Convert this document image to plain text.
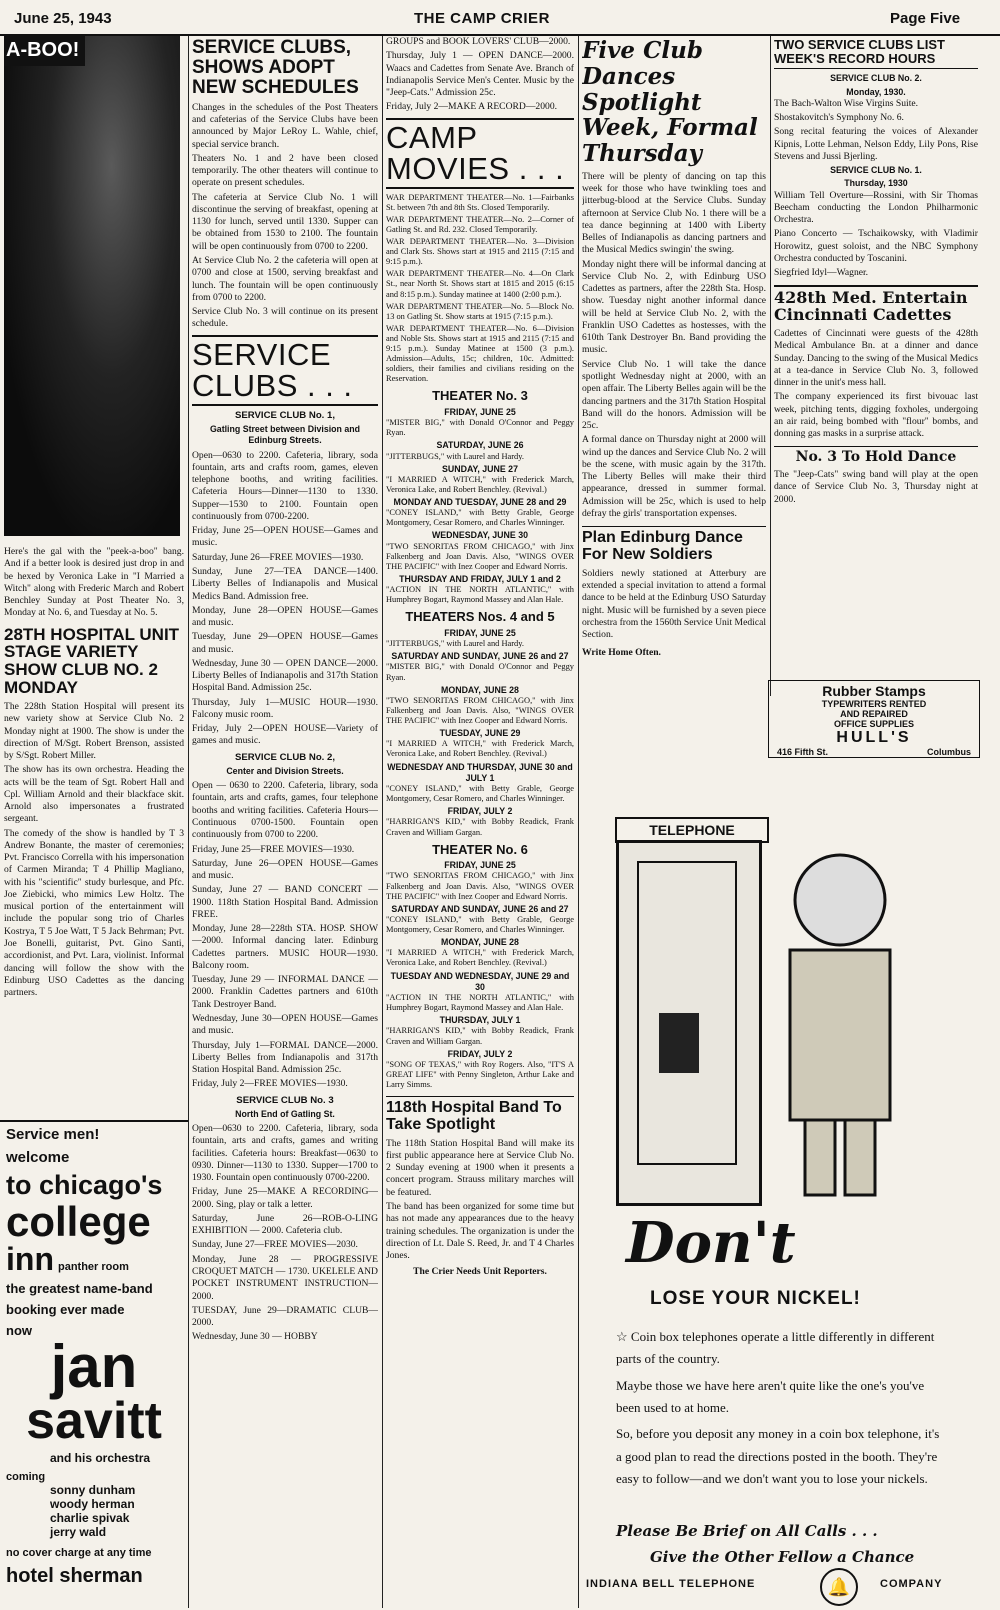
June 25, 1943	THE CAMP CRIER	Page Five
A-BOO!

Here's the gal with the "peek-a-boo" bang. And if a better look is desired just drop in and be hexed by Veronica Lake in "I Married a Witch" along with Frederic March and Robert Benchley Sunday at Post Theater No. 3, Monday at No. 6, and Tuesday at No. 5.

28TH HOSPITAL UNIT STAGE VARIETY SHOW CLUB NO. 2 MONDAY

The 228th Station Hospital will present its new variety show at Service Club No. 2 Monday night at 1900. The show is under the direction of M/Sgt. Robert Brenson, assisted by S/Sgt. Robert Miller.

The show has its own orchestra. Heading the acts will be the team of Sgt. Robert Hall and Cpl. William Arnold and their blackface skit. Arnold also impersonates a frustrated sergeant.

The comedy of the show is handled by T 3 Andrew Bonante, the master of ceremonies; Pvt. Francisco Corrella with his impersonation of Carmen Miranda; T 4 Phillip Magliano, with his "scientific" study burlesque, and Pfc. Joe Ziebicki, who mimics Lew Holtz. The musical portion of the entertainment will include the popular song trio of Charles Kostrya, T 5 Joe Watt, T 5 Jack Behrman; Pvt. Joe Bonelli, guitarist, Pvt. Gino Santi, accordionist, and Pvt. Lara, violinist. Informal dancing will follow the show with the Edinburg USO Cadettes as the dancing partners.

Service men!
welcome
to chicago's
college
inn panther room
the greatest name-band
booking ever made
now
jan
savitt
and his orchestra
coming
sonny dunham
woody herman
charlie spivak
jerry wald
no cover charge at any time
hotel sherman
SERVICE CLUBS, SHOWS ADOPT NEW SCHEDULES

Changes in the schedules of the Post Theaters and cafeterias of the Service Clubs have been announced by Major LeRoy L. Wahle, chief, special service branch.

Theaters No. 1 and 2 have been closed temporarily. The other theaters will continue to operate on present schedules.

The cafeteria at Service Club No. 1 will discontinue the serving of breakfast, opening at 1130 for lunch, served until 1330. Supper can be obtained from 1530 to 2100. The fountain will be open continuously from 0700 to 2200.

At Service Club No. 2 the cafeteria will open at 0700 and close at 1500, serving breakfast and lunch. The fountain will be open continuously from 0700 to 2200.

Service Club No. 3 will continue on its present schedule.

SERVICE CLUBS . . .
SERVICE CLUB No. 1,
Gatling Street between Division and Edinburg Streets.

Open—0630 to 2200. Cafeteria, library, soda fountain, arts and crafts room, games, eleven telephone booths, and writing facilities. Cafeteria Hours—Dinner—1130 to 1330. Supper—1530 to 2100. Fountain open continuously from 0700-2200.

Friday, June 25—OPEN HOUSE—Games and music.

Saturday, June 26—FREE MOVIES—1930.

Sunday, June 27—TEA DANCE—1400. Liberty Belles of Indianapolis and Musical Medics Band. Admission free.

Monday, June 28—OPEN HOUSE—Games and music.

Tuesday, June 29—OPEN HOUSE—Games and music.

Wednesday, June 30 — OPEN DANCE—2000. Liberty Belles of Indianapolis and 317th Station Hospital Band. Admission 25c.

Thursday, July 1—MUSIC HOUR—1930. Falcony music room.

Friday, July 2—OPEN HOUSE—Variety of games and music.

SERVICE CLUB No. 2,
Center and Division Streets.

Open — 0630 to 2200. Cafeteria, library, soda fountain, arts and crafts, games, four telephone booths and writing facilities. Cafeteria Hours—Continuous 0700-1500. Fountain open continuously from 0700 to 2200.

Friday, June 25—FREE MOVIES—1930.

Saturday, June 26—OPEN HOUSE—Games and music.

Sunday, June 27 — BAND CONCERT — 1900. 118th Station Hospital Band. Admission FREE.

Monday, June 28—228th STA. HOSP. SHOW—2000. Informal dancing later. Edinburg Cadettes partners. MUSIC HOUR—1930. Balcony room.

Tuesday, June 29 — INFORMAL DANCE — 2000. Franklin Cadettes partners and 610th Tank Destroyer Band.

Wednesday, June 30—OPEN HOUSE—Games and music.

Thursday, July 1—FORMAL DANCE—2000. Liberty Belles from Indianapolis and 317th Station Hospital Band. Admission 25c.

Friday, July 2—FREE MOVIES—1930.

SERVICE CLUB No. 3
North End of Gatling St.

Open—0630 to 2200. Cafeteria, library, soda fountain, arts and crafts, games and writing facilities. Cafeteria hours: Breakfast—0630 to 0930. Dinner—1130 to 1330. Supper—1700 to 1930. Fountain open continuously 0700-2200.

Friday, June 25—MAKE A RECORDING—2000. Sing, play or talk a letter.

Saturday, June 26—ROB-O-LING EXHIBITION — 2000. Cafeteria club.

Sunday, June 27—FREE MOVIES—2030.

Monday, June 28 — PROGRESSIVE CROQUET MATCH — 1730. UKELELE AND POCKET INSTRUMENT INSTRUCTION—2000.

TUESDAY, June 29—DRAMATIC CLUB—2000.

Wednesday, June 30 — HOBBY

GROUPS and BOOK LOVERS' CLUB—2000.

Thursday, July 1 — OPEN DANCE—2000. Waacs and Cadettes from Senate Ave. Branch of Indianapolis Service Men's Center. Music by the "Jeep-Cats." Admission 25c.

Friday, July 2—MAKE A RECORD—2000.

CAMP MOVIES . . .

WAR DEPARTMENT THEATER—No. 1—Fairbanks St. between 7th and 8th Sts. Closed Temporarily.

WAR DEPARTMENT THEATER—No. 2—Corner of Gatling St. and Rd. 232. Closed Temporarily.

WAR DEPARTMENT THEATER—No. 3—Division and Clark Sts. Shows start at 1915 and 2115 (7:15 and 9:15 p.m.).

WAR DEPARTMENT THEATER—No. 4—On Clark St., near North St. Shows start at 1815 and 2015 (6:15 and 8:15 p.m.). Sunday matinee at 1400 (2:00 p.m.).

WAR DEPARTMENT THEATER—No. 5—Block No. 13 on Gatling St. Show starts at 1915 (7:15 p.m.).

WAR DEPARTMENT THEATER—No. 6—Division and Noble Sts. Shows start at 1915 and 2115 (7:15 and 9:15 p.m.). Sunday Matinee at 1500 (3 p.m.). Admission—Adults, 15c; children, 10c. Admitted: soldiers, their families and civilians residing on the Reservation.

THEATER No. 3
FRIDAY, JUNE 25

"MISTER BIG," with Donald O'Connor and Peggy Ryan.

SATURDAY, JUNE 26

"JITTERBUGS," with Laurel and Hardy.

SUNDAY, JUNE 27

"I MARRIED A WITCH," with Frederick March, Veronica Lake, and Robert Benchley. (Revival.)

MONDAY AND TUESDAY, JUNE 28 and 29

"CONEY ISLAND," with Betty Grable, George Montgomery, Cesar Romero, and Charles Winninger.

WEDNESDAY, JUNE 30

"TWO SENORITAS FROM CHICAGO," with Jinx Falkenberg and Joan Davis. Also, "WINGS OVER THE PACIFIC" with Inez Cooper and Edward Norris.

THURSDAY AND FRIDAY, JULY 1 and 2

"ACTION IN THE NORTH ATLANTIC," with Humphrey Bogart, Raymond Massey and Alan Hale.

THEATERS Nos. 4 and 5
FRIDAY, JUNE 25

"JITTERBUGS," with Laurel and Hardy.

SATURDAY AND SUNDAY, JUNE 26 and 27

"MISTER BIG," with Donald O'Connor and Peggy Ryan.

MONDAY, JUNE 28

"TWO SENORITAS FROM CHICAGO," with Jinx Falkenberg and Joan Davis. Also, "WINGS OVER THE PACIFIC" with Inez Cooper and Edward Norris.

TUESDAY, JUNE 29

"I MARRIED A WITCH," with Frederick March, Veronica Lake, and Robert Benchley. (Revival.)

WEDNESDAY AND THURSDAY, JUNE 30 and JULY 1

"CONEY ISLAND," with Betty Grable, George Montgomery, Cesar Romero, and Charles Winninger.

FRIDAY, JULY 2

"HARRIGAN'S KID," with Bobby Readick, Frank Craven and William Gargan.

THEATER No. 6
FRIDAY, JUNE 25

"TWO SENORITAS FROM CHICAGO," with Jinx Falkenberg and Joan Davis. Also, "WINGS OVER THE PACIFIC" with Inez Cooper and Edward Norris.

SATURDAY AND SUNDAY, JUNE 26 and 27

"CONEY ISLAND," with Betty Grable, George Montgomery, Cesar Romero, and Charles Winninger.

MONDAY, JUNE 28

"I MARRIED A WITCH," with Frederick March, Veronica Lake, and Robert Benchley. (Revival.)

TUESDAY AND WEDNESDAY, JUNE 29 and 30

"ACTION IN THE NORTH ATLANTIC," with Humphrey Bogart, Raymond Massey and Alan Hale.

THURSDAY, JULY 1

"HARRIGAN'S KID," with Bobby Readick, Frank Craven and William Gargan.

FRIDAY, JULY 2

"SONG OF TEXAS," with Roy Rogers. Also, "IT'S A GREAT LIFE" with Penny Singleton, Arthur Lake and Larry Simms.

118th Hospital Band To Take Spotlight

The 118th Station Hospital Band will make its first public appearance here at Service Club No. 2 Sunday evening at 1900 when it presents a concert program. Strauss military marches will be featured.

The band has been organized for some time but has not made any appearances due to the heavy training schedules. The organization is under the direction of Lt. Dale S. Reed, Jr. and T 4 Charles Jones.

The Crier Needs Unit Reporters.

Five Club Dances Spotlight Week, Formal Thursday

There will be plenty of dancing on tap this week for those who have twinkling toes and jitterbug-blood at the Service Clubs. Sunday afternoon at Service Club No. 1 there will be a tea dance beginning at 1400 with Liberty Belles of Indianapolis as dancing partners and the Musical Medics swingin' the swing.

Monday night there will be informal dancing at Service Club No. 2, with Edinburg USO Cadettes as partners, after the 228th Sta. Hosp. show. Tuesday night another informal dance will be held at Service Club No. 2, with the Franklin USO Cadettes as hostesses, with the 610th Tank Destroyer Bn. Band providing the music.

Service Club No. 1 will take the dance spotlight Wednesday night at 2000, with an open affair. The Liberty Belles again will be the dancing partners and the 317th Station Hospital Band will do the honors. Admission will be 25c.

A formal dance on Thursday night at 2000 will wind up the dances and Service Club No. 2 will be the scene, with music again by the 317th. The Liberty Belles will make their third appearance, dressed in summer formal. Admission will be 25c, which is used to help defray the girls' transportation expenses.

Plan Edinburg Dance For New Soldiers

Soldiers newly stationed at Atterbury are extended a special invitation to attend a formal dance to be held at the Edinburg USO Saturday night. Music will be furnished by a seven piece orchestra from the 1560th Service Unit Medical Section.

Write Home Often.

TWO SERVICE CLUBS LIST WEEK'S RECORD HOURS
SERVICE CLUB No. 2.
Monday, 1930.

The Bach-Walton Wise Virgins Suite.

Shostakovitch's Symphony No. 6.

Song recital featuring the voices of Alexander Kipnis, Lotte Lehman, Nelson Eddy, Lily Pons, Rise Stevens and Jussi Bjerling.

SERVICE CLUB No. 1.
Thursday, 1930

William Tell Overture—Rossini, with Sir Thomas Beecham conducting the London Philharmonic Orchestra.

Piano Concerto — Tschaikowsky, with Vladimir Horowitz, guest soloist, and the NBC Symphony Orchestra conducted by Toscanini.

Siegfried Idyl—Wagner.

428th Med. Entertain Cincinnati Cadettes

Cadettes of Cincinnati were guests of the 428th Medical Ambulance Bn. at a dinner and dance Sunday. Dancing to the swing of the Musical Medics at a tea-dance in Service Club No. 3, followed dinner in the unit's mess hall.

The company experienced its first bivouac last week, pitching tents, digging foxholes, undergoing an air raid, being bombed with "flour" bombs, and donning gas masks in a surprise attack.

No. 3 To Hold Dance

The "Jeep-Cats" swing band will play at the open dance of Service Club No. 3, Thursday night at 2000.

Rubber Stamps
TYPEWRITERS RENTED
AND REPAIRED
OFFICE SUPPLIES
HULL'S
416 Fifth St.	Columbus
TELEPHONE
Don't
LOSE YOUR NICKEL!

☆ Coin box telephones operate a little differently in different parts of the country.

Maybe those we have here aren't quite like the one's you've been used to at home.

So, before you deposit any money in a coin box telephone, it's a good plan to read the directions posted in the booth. They're easy to follow—and we don't want you to lose your nickels.

Please Be Brief on All Calls . . .
Give the Other Fellow a Chance
INDIANA BELL TELEPHONE	🔔	COMPANY
